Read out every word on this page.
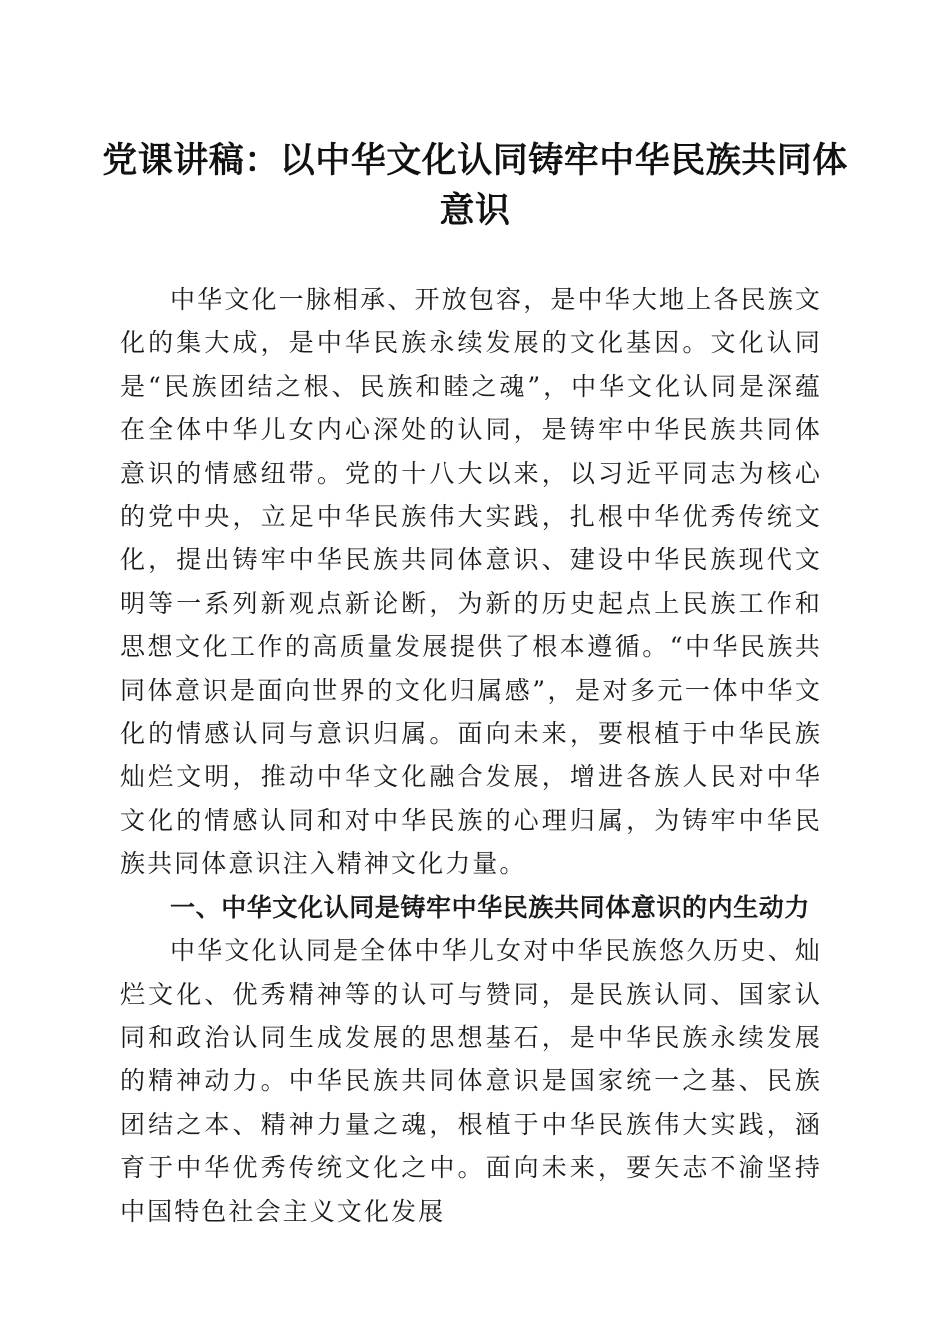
党课讲稿：以中华文化认同铸牢中华民族共同体意识

中华文化一脉相承、开放包容，是中华大地上各民族文化的集大成，是中华民族永续发展的文化基因。文化认同是“民族团结之根、民族和睦之魂”，中华文化认同是深蕴在全体中华儿女内心深处的认同，是铸牢中华民族共同体意识的情感纽带。党的十八大以来，以习近平同志为核心的党中央，立足中华民族伟大实践，扎根中华优秀传统文化，提出铸牢中华民族共同体意识、建设中华民族现代文明等一系列新观点新论断，为新的历史起点上民族工作和思想文化工作的高质量发展提供了根本遵循。“中华民族共同体意识是面向世界的文化归属感”，是对多元一体中华文化的情感认同与意识归属。面向未来，要根植于中华民族灿烂文明，推动中华文化融合发展，增进各族人民对中华文化的情感认同和对中华民族的心理归属，为铸牢中华民族共同体意识注入精神文化力量。

一、中华文化认同是铸牢中华民族共同体意识的内生动力

中华文化认同是全体中华儿女对中华民族悠久历史、灿烂文化、优秀精神等的认可与赞同，是民族认同、国家认同和政治认同生成发展的思想基石，是中华民族永续发展的精神动力。中华民族共同体意识是国家统一之基、民族团结之本、精神力量之魂，根植于中华民族伟大实践，涵育于中华优秀传统文化之中。面向未来，要矢志不渝坚持中国特色社会主义文化发展
